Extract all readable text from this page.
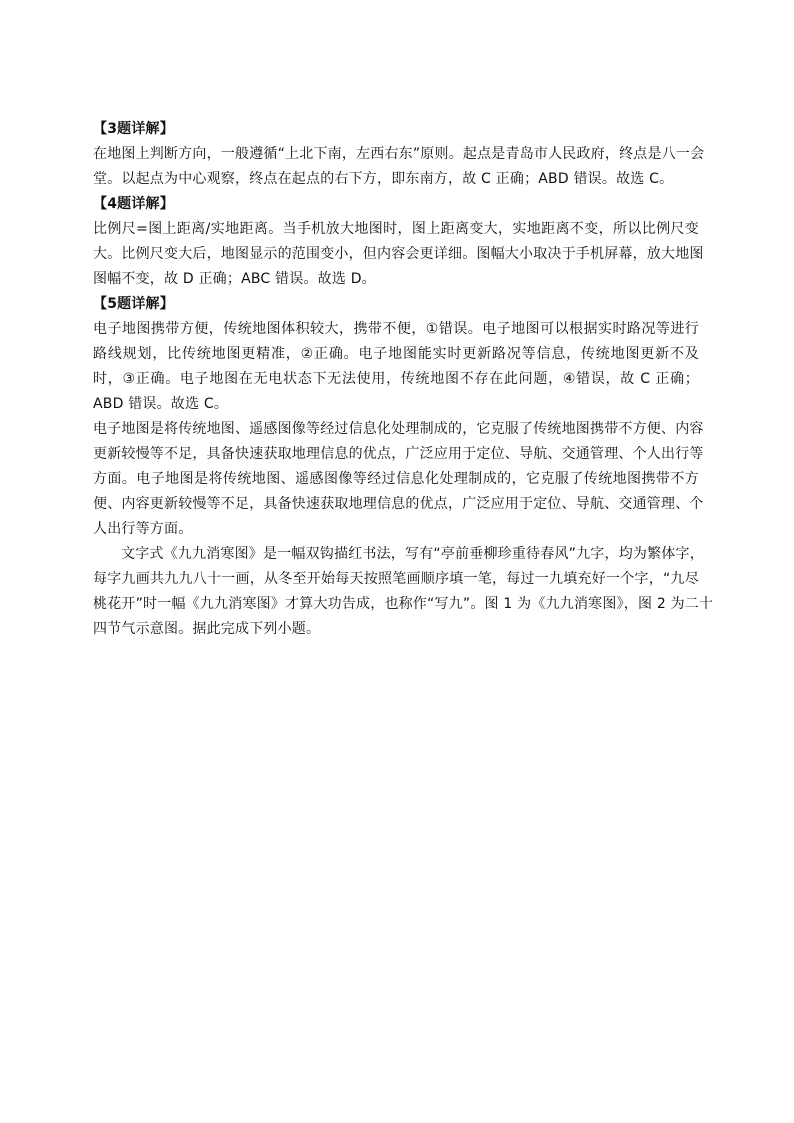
【3题详解】
在地图上判断方向，一般遵循“上北下南，左西右东”原则。起点是青岛市人民政府，终点是八一会
堂。以起点为中心观察，终点在起点的右下方，即东南方，故 C 正确；ABD 错误。故选 C。
【4题详解】
比例尺=图上距离/实地距离。当手机放大地图时，图上距离变大，实地距离不变，所以比例尺变
大。比例尺变大后，地图显示的范围变小，但内容会更详细。图幅大小取决于手机屏幕，放大地图
图幅不变，故 D 正确；ABC 错误。故选 D。
【5题详解】
电子地图携带方便，传统地图体积较大，携带不便，①错误。电子地图可以根据实时路况等进行
路线规划，比传统地图更精准，②正确。电子地图能实时更新路况等信息，传统地图更新不及
时，③正确。电子地图在无电状态下无法使用，传统地图不存在此问题，④错误，故 C 正确；
ABD 错误。故选 C。
电子地图是将传统地图、遥感图像等经过信息化处理制成的，它克服了传统地图携带不方便、内容
更新较慢等不足，具备快速获取地理信息的优点，广泛应用于定位、导航、交通管理、个人出行等
方面。电子地图是将传统地图、遥感图像等经过信息化处理制成的，它克服了传统地图携带不方
便、内容更新较慢等不足，具备快速获取地理信息的优点，广泛应用于定位、导航、交通管理、个
人出行等方面。
文字式《九九消寒图》是一幅双钩描红书法，写有“亭前垂柳珍重待春风”九字，均为繁体字，
每字九画共九九八十一画，从冬至开始每天按照笔画顺序填一笔，每过一九填充好一个字，“九尽
桃花开”时一幅《九九消寒图》才算大功告成，也称作“写九”。图 1 为《九九消寒图》，图 2 为二十
四节气示意图。据此完成下列小题。
